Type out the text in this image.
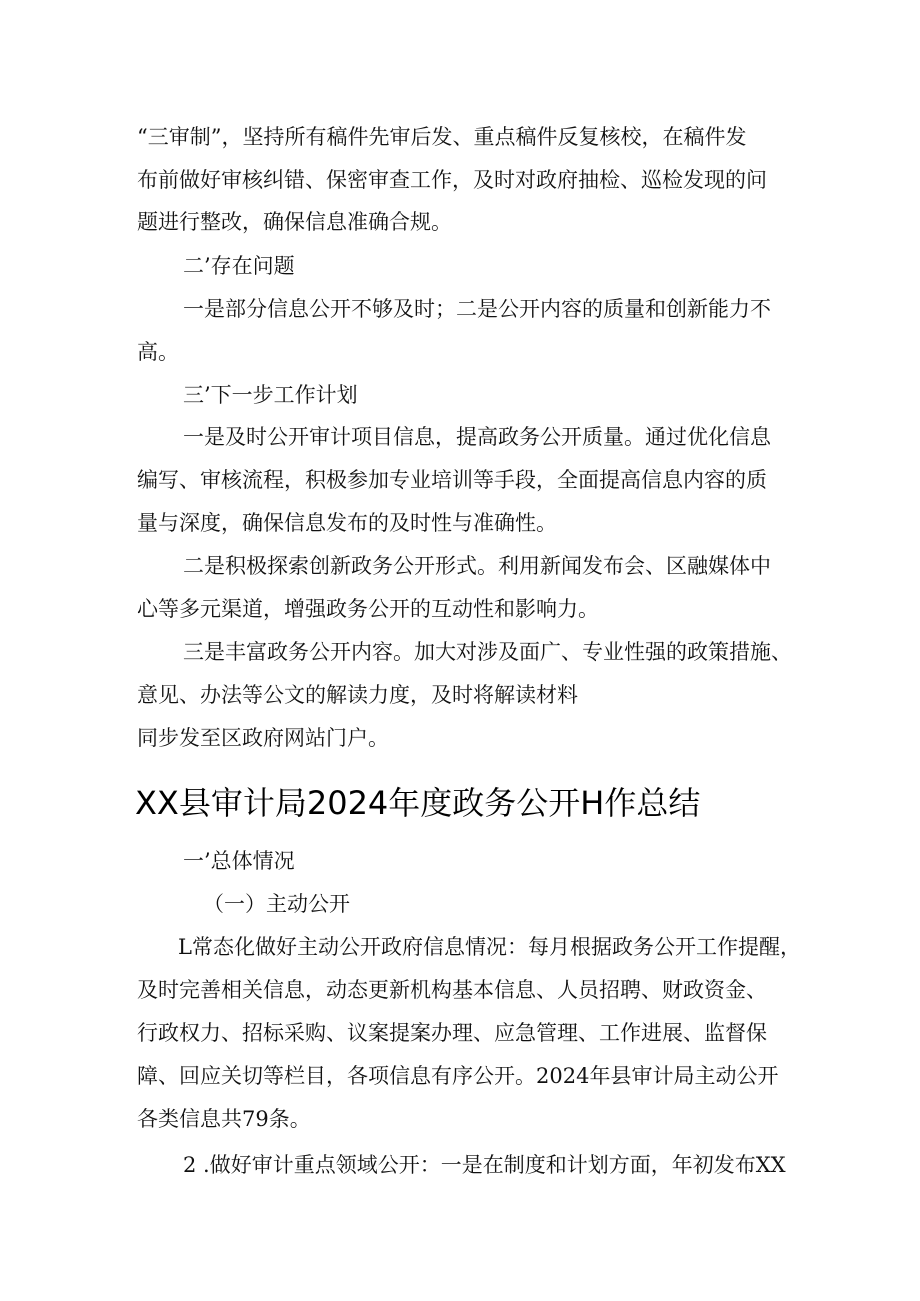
“三审制”，坚持所有稿件先审后发、重点稿件反复核校，在稿件发
布前做好审核纠错、保密审查工作，及时对政府抽检、巡检发现的问
题进行整改，确保信息准确合规。
二’存在问题
一是部分信息公开不够及时；二是公开内容的质量和创新能力不
高。
三’下一步工作计划
一是及时公开审计项目信息，提高政务公开质量。通过优化信息
编写、审核流程，积极参加专业培训等手段，全面提高信息内容的质
量与深度，确保信息发布的及时性与准确性。
二是积极探索创新政务公开形式。利用新闻发布会、区融媒体中
心等多元渠道，增强政务公开的互动性和影响力。
三是丰富政务公开内容。加大对涉及面广、专业性强的政策措施、
意见、办法等公文的解读力度，及时将解读材料
同步发至区政府网站门户。
XX县审计局2024年度政务公开H作总结
一’总体情况
（一）主动公开
L常态化做好主动公开政府信息情况：每月根据政务公开工作提醒，
及时完善相关信息，动态更新机构基本信息、人员招聘、财政资金、
行政权力、招标采购、议案提案办理、应急管理、工作进展、监督保
障、回应关切等栏目，各项信息有序公开。2024年县审计局主动公开
各类信息共79条。
2 .做好审计重点领域公开：一是在制度和计划方面，年初发布XX
